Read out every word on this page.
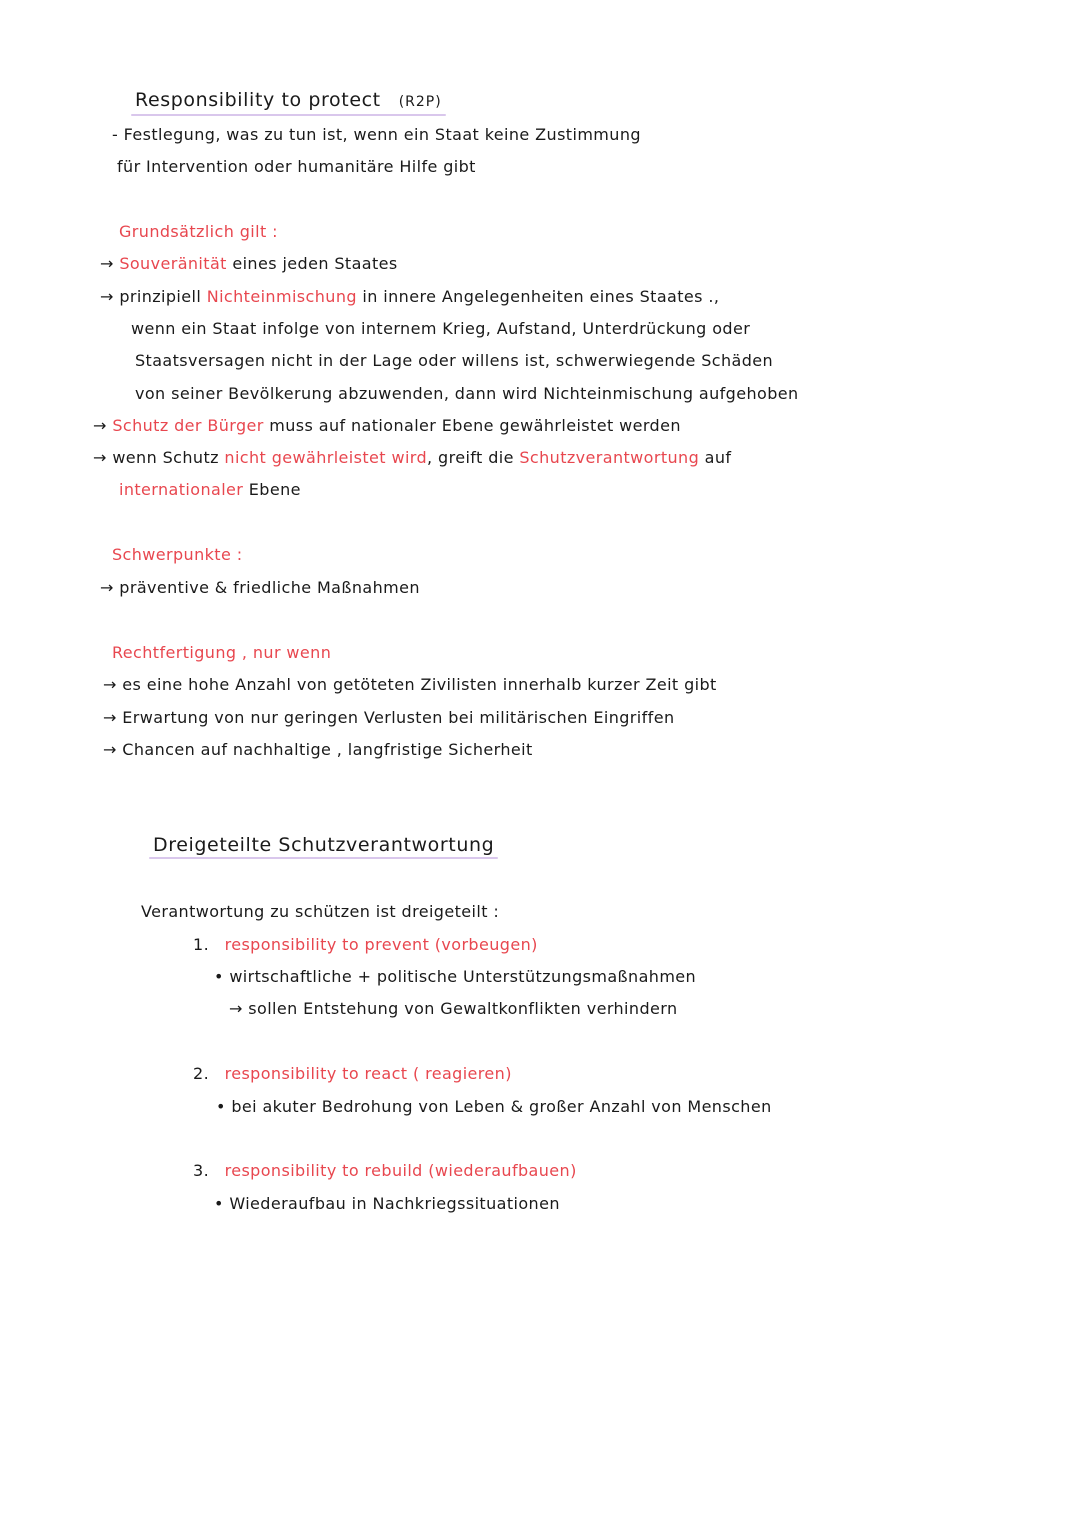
Responsibility to protect (R2P)
- Festlegung, was zu tun ist, wenn ein Staat keine Zustimmung
für Intervention oder humanitäre Hilfe gibt
Grundsätzlich gilt :
→ Souveränität eines jeden Staates
→ prinzipiell Nichteinmischung in innere Angelegenheiten eines Staates .,
wenn ein Staat infolge von internem Krieg, Aufstand, Unterdrückung oder
Staatsversagen nicht in der Lage oder willens ist, schwerwiegende Schäden
von seiner Bevölkerung abzuwenden, dann wird Nichteinmischung aufgehoben
→ Schutz der Bürger muss auf nationaler Ebene gewährleistet werden
→ wenn Schutz nicht gewährleistet wird, greift die Schutzverantwortung auf
internationaler Ebene
Schwerpunkte :
→ präventive & friedliche Maßnahmen
Rechtfertigung , nur wenn
→ es eine hohe Anzahl von getöteten Zivilisten innerhalb kurzer Zeit gibt
→ Erwartung von nur geringen Verlusten bei militärischen Eingriffen
→ Chancen auf nachhaltige , langfristige Sicherheit
Dreigeteilte Schutzverantwortung
Verantwortung zu schützen ist dreigeteilt :
1. responsibility to prevent (vorbeugen)
• wirtschaftliche + politische Unterstützungsmaßnahmen
→ sollen Entstehung von Gewaltkonflikten verhindern
2. responsibility to react ( reagieren)
• bei akuter Bedrohung von Leben & großer Anzahl von Menschen
3. responsibility to rebuild (wiederaufbauen)
• Wiederaufbau in Nachkriegssituationen
